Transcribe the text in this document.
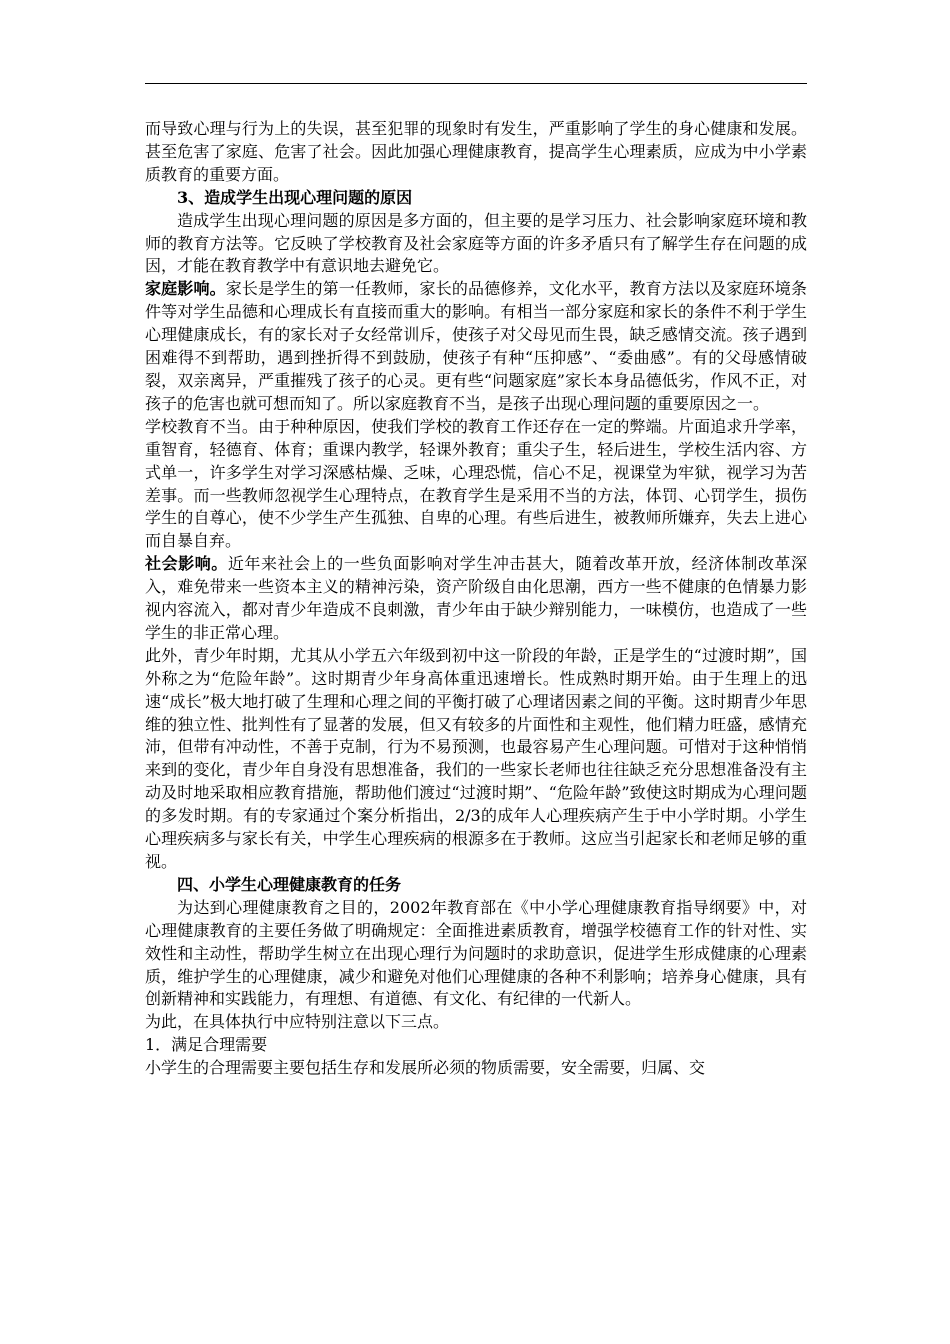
而导致心理与行为上的失误，甚至犯罪的现象时有发生，严重影响了学生的身心健康和发展。甚至危害了家庭、危害了社会。因此加强心理健康教育，提高学生心理素质，应成为中小学素质教育的重要方面。

3、造成学生出现心理问题的原因

造成学生出现心理问题的原因是多方面的，但主要的是学习压力、社会影响家庭环境和教师的教育方法等。它反映了学校教育及社会家庭等方面的许多矛盾只有了解学生存在问题的成因，才能在教育教学中有意识地去避免它。

家庭影响。家长是学生的第一任教师，家长的品德修养，文化水平，教育方法以及家庭环境条件等对学生品德和心理成长有直接而重大的影响。有相当一部分家庭和家长的条件不利于学生心理健康成长，有的家长对子女经常训斥，使孩子对父母见而生畏，缺乏感情交流。孩子遇到困难得不到帮助，遇到挫折得不到鼓励，使孩子有种“压抑感”、“委曲感”。有的父母感情破裂，双亲离异，严重摧残了孩子的心灵。更有些“问题家庭”家长本身品德低劣，作风不正，对孩子的危害也就可想而知了。所以家庭教育不当，是孩子出现心理问题的重要原因之一。

学校教育不当。由于种种原因，使我们学校的教育工作还存在一定的弊端。片面追求升学率，重智育，轻德育、体育；重课内教学，轻课外教育；重尖子生，轻后进生，学校生活内容、方式单一，许多学生对学习深感枯燥、乏味，心理恐慌，信心不足，视课堂为牢狱，视学习为苦差事。而一些教师忽视学生心理特点，在教育学生是采用不当的方法，体罚、心罚学生，损伤学生的自尊心，使不少学生产生孤独、自卑的心理。有些后进生，被教师所嫌弃，失去上进心而自暴自弃。

社会影响。近年来社会上的一些负面影响对学生冲击甚大，随着改革开放，经济体制改革深入，难免带来一些资本主义的精神污染，资产阶级自由化思潮，西方一些不健康的色情暴力影视内容流入，都对青少年造成不良刺激，青少年由于缺少辩别能力，一味模仿，也造成了一些学生的非正常心理。

此外，青少年时期，尤其从小学五六年级到初中这一阶段的年龄，正是学生的“过渡时期”，国外称之为“危险年龄”。这时期青少年身高体重迅速增长。性成熟时期开始。由于生理上的迅速“成长”极大地打破了生理和心理之间的平衡打破了心理诸因素之间的平衡。这时期青少年思维的独立性、批判性有了显著的发展，但又有较多的片面性和主观性，他们精力旺盛，感情充沛，但带有冲动性，不善于克制，行为不易预测，也最容易产生心理问题。可惜对于这种悄悄来到的变化，青少年自身没有思想准备，我们的一些家长老师也往往缺乏充分思想准备没有主动及时地采取相应教育措施，帮助他们渡过“过渡时期”、“危险年龄”致使这时期成为心理问题的多发时期。有的专家通过个案分析指出，2/3的成年人心理疾病产生于中小学时期。小学生心理疾病多与家长有关，中学生心理疾病的根源多在于教师。这应当引起家长和老师足够的重视。

四、小学生心理健康教育的任务

为达到心理健康教育之目的，2002年教育部在《中小学心理健康教育指导纲要》中，对心理健康教育的主要任务做了明确规定：全面推进素质教育，增强学校德育工作的针对性、实效性和主动性，帮助学生树立在出现心理行为问题时的求助意识，促进学生形成健康的心理素质，维护学生的心理健康，减少和避免对他们心理健康的各种不利影响；培养身心健康，具有创新精神和实践能力，有理想、有道德、有文化、有纪律的一代新人。

为此，在具体执行中应特别注意以下三点。

1．满足合理需要

小学生的合理需要主要包括生存和发展所必须的物质需要，安全需要，归属、交
